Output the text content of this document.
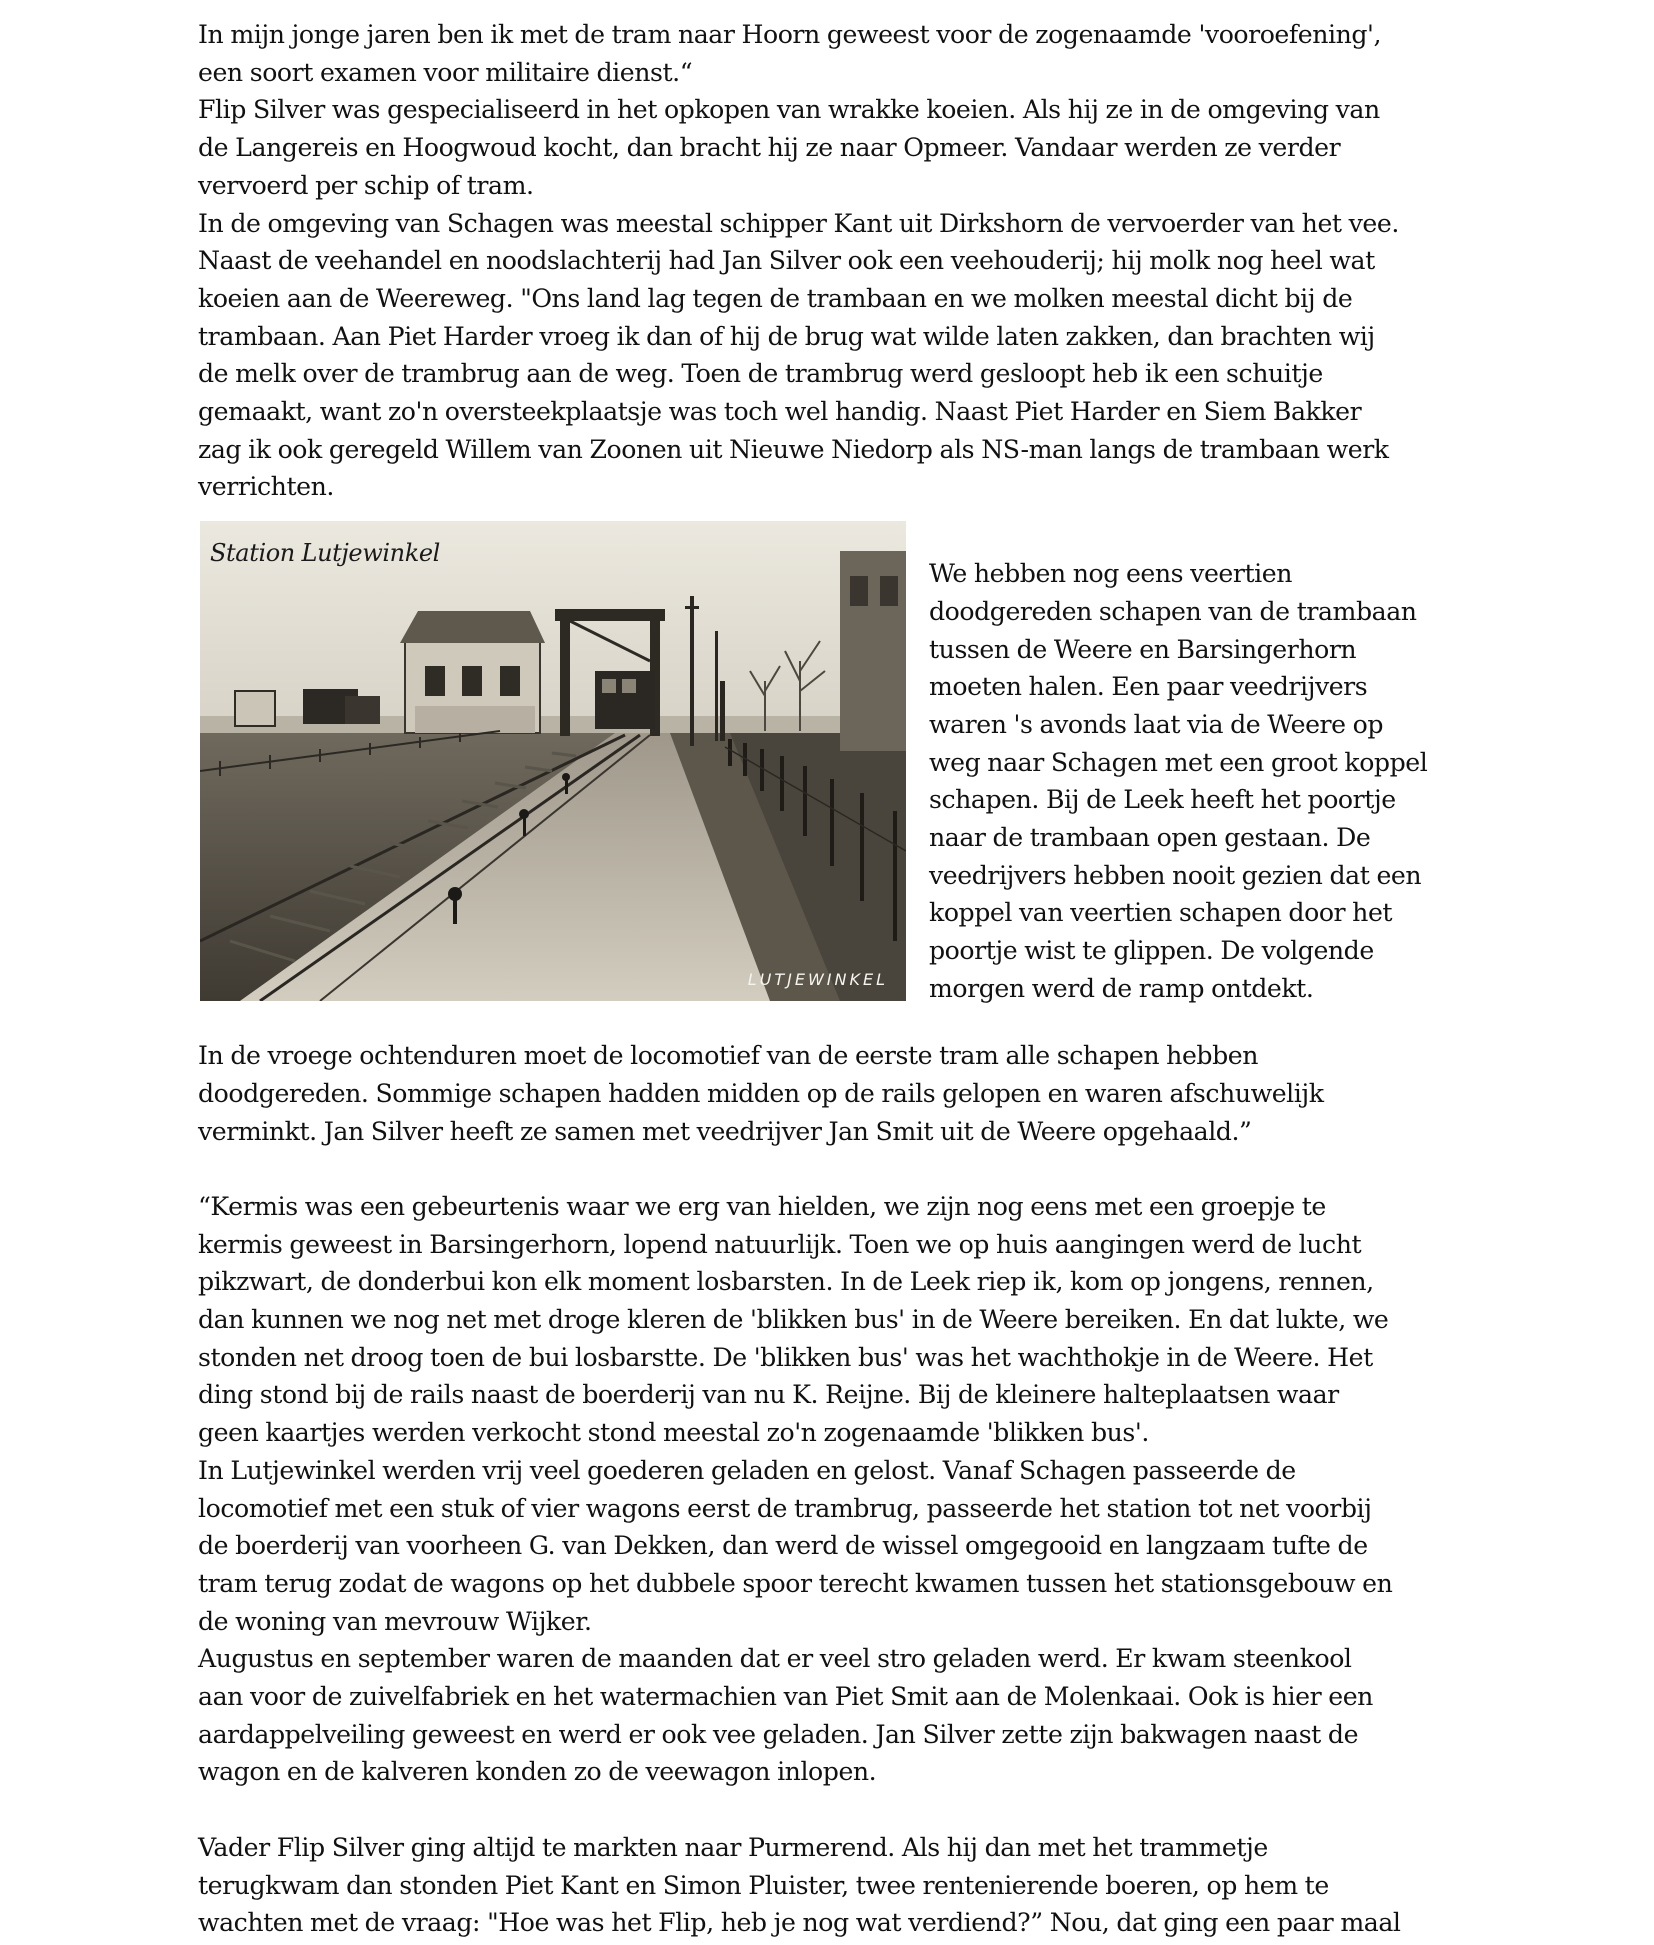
In mijn jonge jaren ben ik met de tram naar Hoorn geweest voor de zogenaamde 'vooroefening',
een soort examen voor militaire dienst.“
Flip Silver was gespecialiseerd in het opkopen van wrakke koeien. Als hij ze in de omgeving van
de Langereis en Hoogwoud kocht, dan bracht hij ze naar Opmeer. Vandaar werden ze verder
vervoerd per schip of tram.
In de omgeving van Schagen was meestal schipper Kant uit Dirkshorn de vervoerder van het vee.
Naast de veehandel en noodslachterij had Jan Silver ook een veehouderij; hij molk nog heel wat
koeien aan de Weereweg. "Ons land lag tegen de trambaan en we molken meestal dicht bij de
trambaan. Aan Piet Harder vroeg ik dan of hij de brug wat wilde laten zakken, dan brachten wij
de melk over de trambrug aan de weg. Toen de trambrug werd gesloopt heb ik een schuitje
gemaakt, want zo'n oversteekplaatsje was toch wel handig. Naast Piet Harder en Siem Bakker
zag ik ook geregeld Willem van Zoonen uit Nieuwe Niedorp als NS-man langs de trambaan werk
verrichten.
Station Lutjewinkel
LUTJEWINKEL
We hebben nog eens veertien
doodgereden schapen van de trambaan
tussen de Weere en Barsingerhorn
moeten halen. Een paar veedrijvers
waren 's avonds laat via de Weere op
weg naar Schagen met een groot koppel
schapen. Bij de Leek heeft het poortje
naar de trambaan open gestaan. De
veedrijvers hebben nooit gezien dat een
koppel van veertien schapen door het
poortje wist te glippen. De volgende
morgen werd de ramp ontdekt.
In de vroege ochtenduren moet de locomotief van de eerste tram alle schapen hebben
doodgereden. Sommige schapen hadden midden op de rails gelopen en waren afschuwelijk
verminkt. Jan Silver heeft ze samen met veedrijver Jan Smit uit de Weere opgehaald.”
“Kermis was een gebeurtenis waar we erg van hielden, we zijn nog eens met een groepje te
kermis geweest in Barsingerhorn, lopend natuurlijk. Toen we op huis aangingen werd de lucht
pikzwart, de donderbui kon elk moment losbarsten. In de Leek riep ik, kom op jongens, rennen,
dan kunnen we nog net met droge kleren de 'blikken bus' in de Weere bereiken. En dat lukte, we
stonden net droog toen de bui losbarstte. De 'blikken bus' was het wachthokje in de Weere. Het
ding stond bij de rails naast de boerderij van nu K. Reijne. Bij de kleinere halteplaatsen waar
geen kaartjes werden verkocht stond meestal zo'n zogenaamde 'blikken bus'.
In Lutjewinkel werden vrij veel goederen geladen en gelost. Vanaf Schagen passeerde de
locomotief met een stuk of vier wagons eerst de trambrug, passeerde het station tot net voorbij
de boerderij van voorheen G. van Dekken, dan werd de wissel omgegooid en langzaam tufte de
tram terug zodat de wagons op het dubbele spoor terecht kwamen tussen het stationsgebouw en
de woning van mevrouw Wijker.
Augustus en september waren de maanden dat er veel stro geladen werd. Er kwam steenkool
aan voor de zuivelfabriek en het watermachien van Piet Smit aan de Molenkaai. Ook is hier een
aardappelveiling geweest en werd er ook vee geladen. Jan Silver zette zijn bakwagen naast de
wagon en de kalveren konden zo de veewagon inlopen.
Vader Flip Silver ging altijd te markten naar Purmerend. Als hij dan met het trammetje
terugkwam dan stonden Piet Kant en Simon Pluister, twee rentenierende boeren, op hem te
wachten met de vraag: "Hoe was het Flip, heb je nog wat verdiend?” Nou, dat ging een paar maal
